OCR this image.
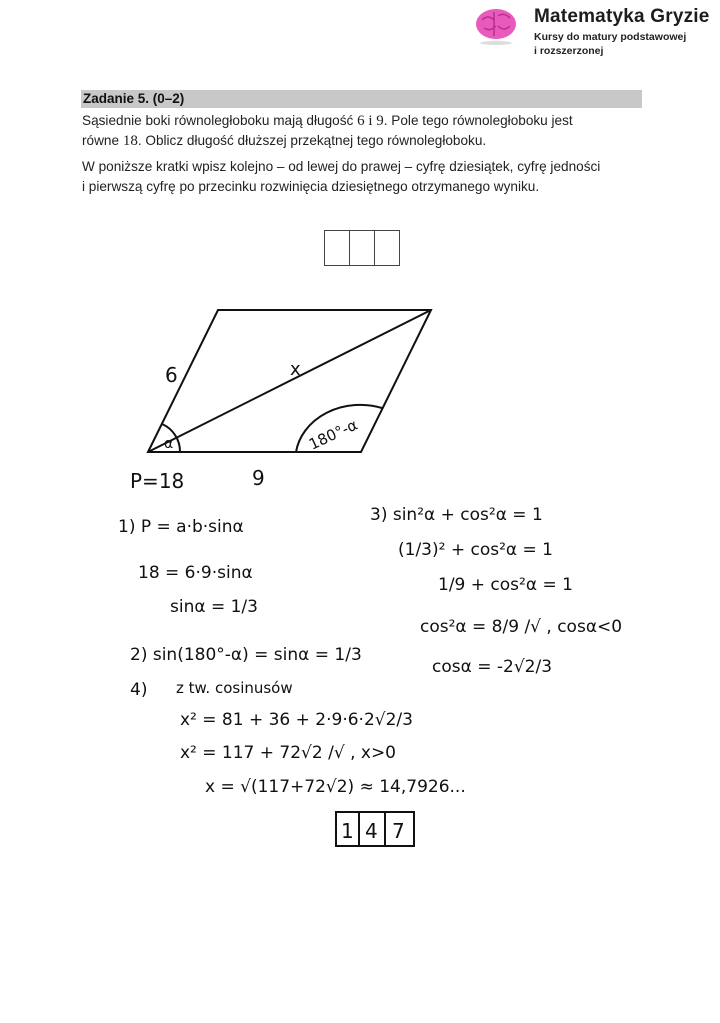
Matematyka Gryzie
Kursy do matury podstawowej
i rozszerzonej
Zadanie 5. (0–2)
Sąsiednie boki równoległoboku mają długość 6 i 9. Pole tego równoległoboku jest
równe 18. Oblicz długość dłuższej przekątnej tego równoległoboku.
W poniższe kratki wpisz kolejno – od lewej do prawej – cyfrę dziesiątek, cyfrę jedności
i pierwszą cyfrę po przecinku rozwinięcia dziesiętnego otrzymanego wyniku.
6	x
α	180°-α
P=18	9
1) P = a·b·sinα
18 = 6·9·sinα
sinα = 1/3
2) sin(180°-α) = sinα = 1/3
3) sin²α + cos²α = 1
(1/3)² + cos²α = 1
1/9 + cos²α = 1
cos²α = 8/9 /√ , cosα<0
cosα = -2√2/3
4) z tw. cosinusów
x² = 81 + 36 + 2·9·6·2√2/3
x² = 117 + 72√2 /√ , x>0
x = √(117+72√2) ≈ 14,7926...
1 4 7
